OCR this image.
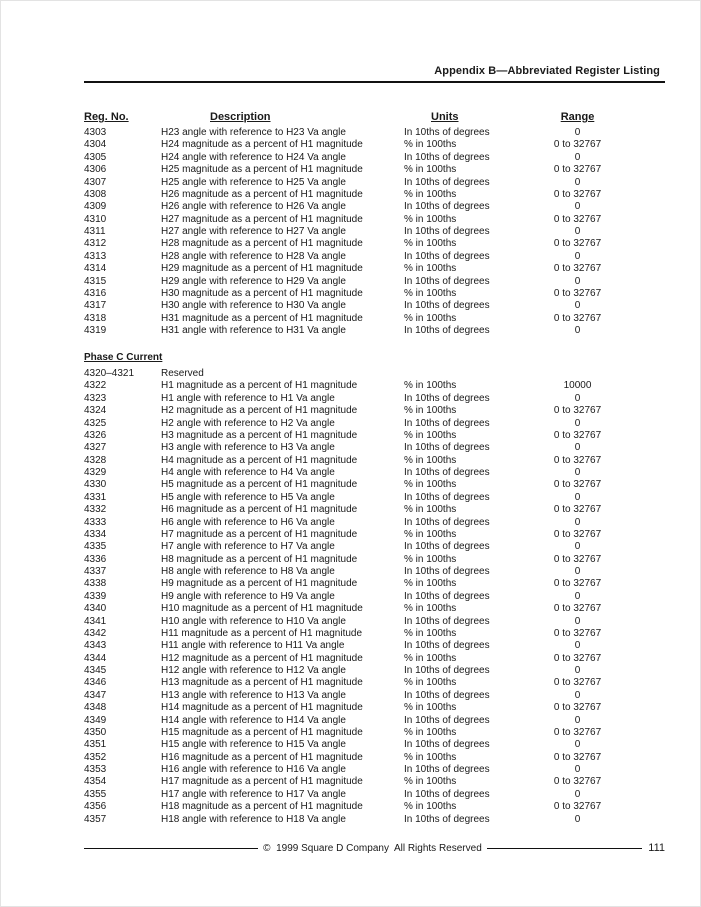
Appendix B—Abbreviated Register Listing
Reg. No.	Description	Units	Range
4303	H23 angle with reference to H23 Va angle	In 10ths of degrees	0
4304	H24 magnitude as a percent of H1 magnitude	% in 100ths	0 to 32767
4305	H24 angle with reference to H24 Va angle	In 10ths of degrees	0
4306	H25 magnitude as a percent of H1 magnitude	% in 100ths	0 to 32767
4307	H25 angle with reference to H25 Va angle	In 10ths of degrees	0
4308	H26 magnitude as a percent of H1 magnitude	% in 100ths	0 to 32767
4309	H26 angle with reference to H26 Va angle	In 10ths of degrees	0
4310	H27 magnitude as a percent of H1 magnitude	% in 100ths	0 to 32767
4311	H27 angle with reference to H27 Va angle	In 10ths of degrees	0
4312	H28 magnitude as a percent of H1 magnitude	% in 100ths	0 to 32767
4313	H28 angle with reference to H28 Va angle	In 10ths of degrees	0
4314	H29 magnitude as a percent of H1 magnitude	% in 100ths	0 to 32767
4315	H29 angle with reference to H29 Va angle	In 10ths of degrees	0
4316	H30 magnitude as a percent of H1 magnitude	% in 100ths	0 to 32767
4317	H30 angle with reference to H30 Va angle	In 10ths of degrees	0
4318	H31 magnitude as a percent of H1 magnitude	% in 100ths	0 to 32767
4319	H31 angle with reference to H31 Va angle	In 10ths of degrees	0
Phase C Current
4320–4321	Reserved
4322	H1 magnitude as a percent of H1 magnitude	% in 100ths	10000
4323	H1 angle with reference to H1 Va angle	In 10ths of degrees	0
4324	H2 magnitude as a percent of H1 magnitude	% in 100ths	0 to 32767
4325	H2 angle with reference to H2 Va angle	In 10ths of degrees	0
4326	H3 magnitude as a percent of H1 magnitude	% in 100ths	0 to 32767
4327	H3 angle with reference to H3 Va angle	In 10ths of degrees	0
4328	H4 magnitude as a percent of H1 magnitude	% in 100ths	0 to 32767
4329	H4 angle with reference to H4 Va angle	In 10ths of degrees	0
4330	H5 magnitude as a percent of H1 magnitude	% in 100ths	0 to 32767
4331	H5 angle with reference to H5 Va angle	In 10ths of degrees	0
4332	H6 magnitude as a percent of H1 magnitude	% in 100ths	0 to 32767
4333	H6 angle with reference to H6 Va angle	In 10ths of degrees	0
4334	H7 magnitude as a percent of H1 magnitude	% in 100ths	0 to 32767
4335	H7 angle with reference to H7 Va angle	In 10ths of degrees	0
4336	H8 magnitude as a percent of H1 magnitude	% in 100ths	0 to 32767
4337	H8 angle with reference to H8 Va angle	In 10ths of degrees	0
4338	H9 magnitude as a percent of H1 magnitude	% in 100ths	0 to 32767
4339	H9 angle with reference to H9 Va angle	In 10ths of degrees	0
4340	H10 magnitude as a percent of H1 magnitude	% in 100ths	0 to 32767
4341	H10 angle with reference to H10 Va angle	In 10ths of degrees	0
4342	H11 magnitude as a percent of H1 magnitude	% in 100ths	0 to 32767
4343	H11 angle with reference to H11 Va angle	In 10ths of degrees	0
4344	H12 magnitude as a percent of H1 magnitude	% in 100ths	0 to 32767
4345	H12 angle with reference to H12 Va angle	In 10ths of degrees	0
4346	H13 magnitude as a percent of H1 magnitude	% in 100ths	0 to 32767
4347	H13 angle with reference to H13 Va angle	In 10ths of degrees	0
4348	H14 magnitude as a percent of H1 magnitude	% in 100ths	0 to 32767
4349	H14 angle with reference to H14 Va angle	In 10ths of degrees	0
4350	H15 magnitude as a percent of H1 magnitude	% in 100ths	0 to 32767
4351	H15 angle with reference to H15 Va angle	In 10ths of degrees	0
4352	H16 magnitude as a percent of H1 magnitude	% in 100ths	0 to 32767
4353	H16 angle with reference to H16 Va angle	In 10ths of degrees	0
4354	H17 magnitude as a percent of H1 magnitude	% in 100ths	0 to 32767
4355	H17 angle with reference to H17 Va angle	In 10ths of degrees	0
4356	H18 magnitude as a percent of H1 magnitude	% in 100ths	0 to 32767
4357	H18 angle with reference to H18 Va angle	In 10ths of degrees	0
©  1999 Square D Company  All Rights Reserved	111
